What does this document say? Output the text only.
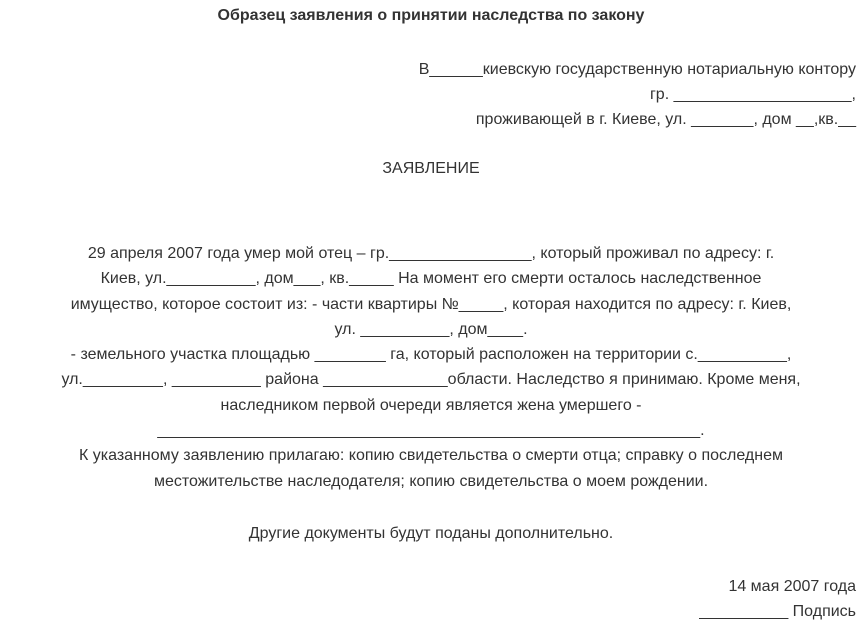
Образец заявления о принятии наследства по закону
В______киевскую государственную нотариальную контору
гр. ____________________,
проживающей в г. Киеве, ул. _______, дом __,кв.__
ЗАЯВЛЕНИЕ
29 апреля 2007 года умер мой отец – гр.________________, который проживал по адресу: г.
Киев, ул.__________, дом___, кв._____ На момент его смерти осталось наследственное
имущество, которое состоит из: - части квартиры №_____, которая находится по адресу: г. Киев,
ул. __________, дом____.
- земельного участка площадью ________ га, который расположен на территории с.__________,
ул._________, __________ района ______________области. Наследство я принимаю. Кроме меня,
наследником первой очереди является жена умершего -
_____________________________________________________________.
К указанному заявлению прилагаю: копию свидетельства о смерти отца; справку о последнем
местожительстве наследодателя; копию свидетельства о моем рождении.
Другие документы будут поданы дополнительно.
14 мая 2007 года
__________ Подпись
